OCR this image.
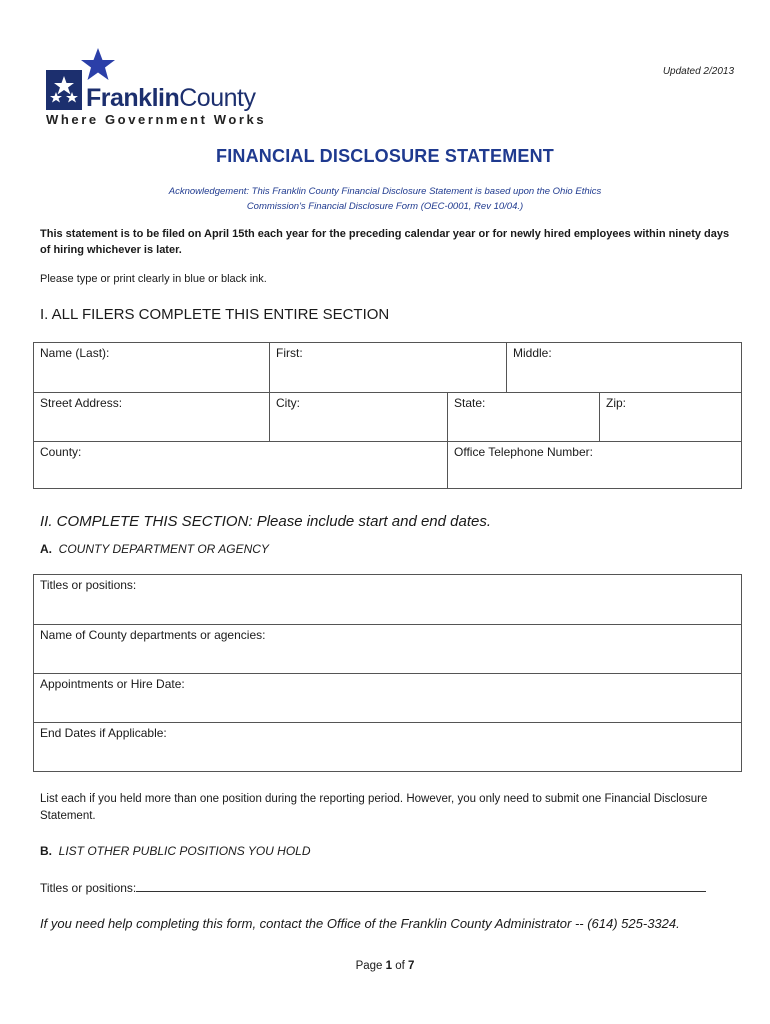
FranklinCounty
Where Government Works
Updated 2/2013
FINANCIAL DISCLOSURE STATEMENT
Acknowledgement: This Franklin County Financial Disclosure Statement is based upon the Ohio Ethics
Commission's Financial Disclosure Form (OEC-0001, Rev 10/04.)
This statement is to be filed on April 15th each year for the preceding calendar year or for newly hired employees within ninety days of hiring whichever is later.
Please type or print clearly in blue or black ink.
I. ALL FILERS COMPLETE THIS ENTIRE SECTION
Name (Last):	First:	Middle:
Street Address:	City:	State:	Zip:
County:	Office Telephone Number:
II. COMPLETE THIS SECTION: Please include start and end dates.
A. COUNTY DEPARTMENT OR AGENCY
Titles or positions:
Name of County departments or agencies:
Appointments or Hire Date:
End Dates if Applicable:
List each if you held more than one position during the reporting period. However, you only need to submit one Financial Disclosure Statement.
B. LIST OTHER PUBLIC POSITIONS YOU HOLD
Titles or positions:
If you need help completing this form, contact the Office of the Franklin County Administrator -- (614) 525-3324.
Page 1 of 7
